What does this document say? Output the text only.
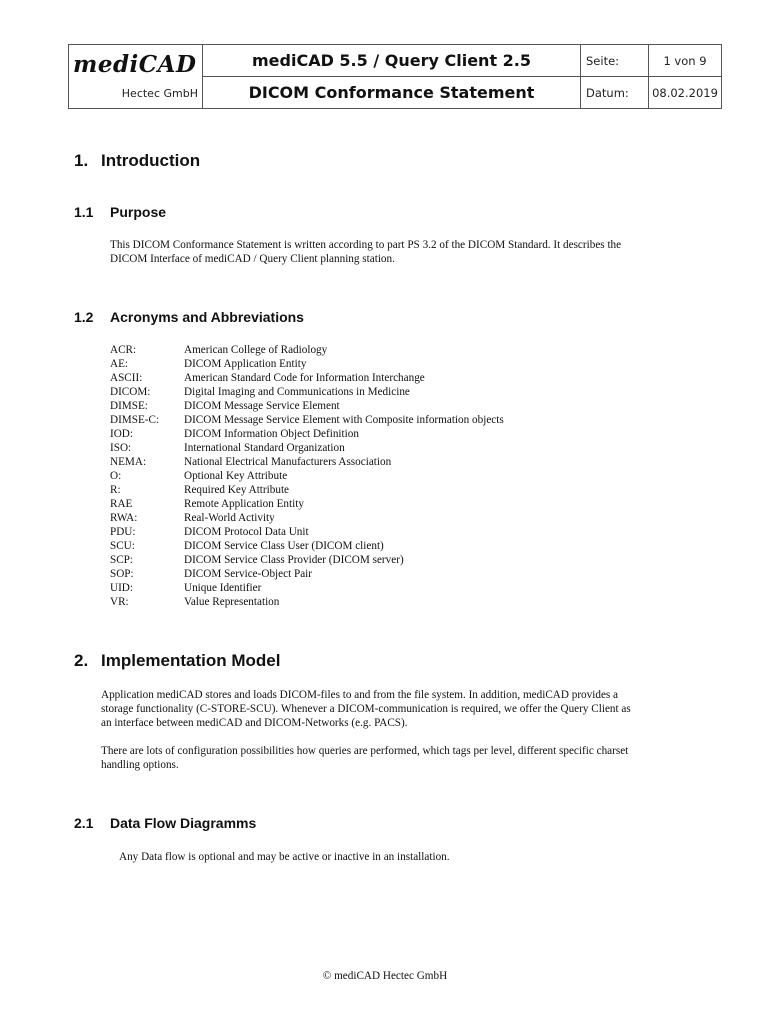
mediCAD
Hectec GmbH	mediCAD 5.5 / Query Client 2.5	Seite:	1 von 9
	DICOM Conformance Statement	Datum:	08.02.2019
1. Introduction
1.1 Purpose
This DICOM Conformance Statement is written according to part PS 3.2 of the DICOM Standard. It describes the
DICOM Interface of mediCAD / Query Client planning station.
1.2 Acronyms and Abbreviations
ACR:	American College of Radiology
AE:	DICOM Application Entity
ASCII:	American Standard Code for Information Interchange
DICOM:	Digital Imaging and Communications in Medicine
DIMSE:	DICOM Message Service Element
DIMSE-C:	DICOM Message Service Element with Composite information objects
IOD:	DICOM Information Object Definition
ISO:	International Standard Organization
NEMA:	National Electrical Manufacturers Association
O:	Optional Key Attribute
R:	Required Key Attribute
RAE	Remote Application Entity
RWA:	Real-World Activity
PDU:	DICOM Protocol Data Unit
SCU:	DICOM Service Class User (DICOM client)
SCP:	DICOM Service Class Provider (DICOM server)
SOP:	DICOM Service-Object Pair
UID:	Unique Identifier
VR:	Value Representation
2. Implementation Model
Application mediCAD stores and loads DICOM-files to and from the file system. In addition, mediCAD provides a
storage functionality (C-STORE-SCU). Whenever a DICOM-communication is required, we offer the Query Client as
an interface between mediCAD and DICOM-Networks (e.g. PACS).
There are lots of configuration possibilities how queries are performed, which tags per level, different specific charset
handling options.
2.1 Data Flow Diagramms
Any Data flow is optional and may be active or inactive in an installation.
© mediCAD Hectec GmbH
